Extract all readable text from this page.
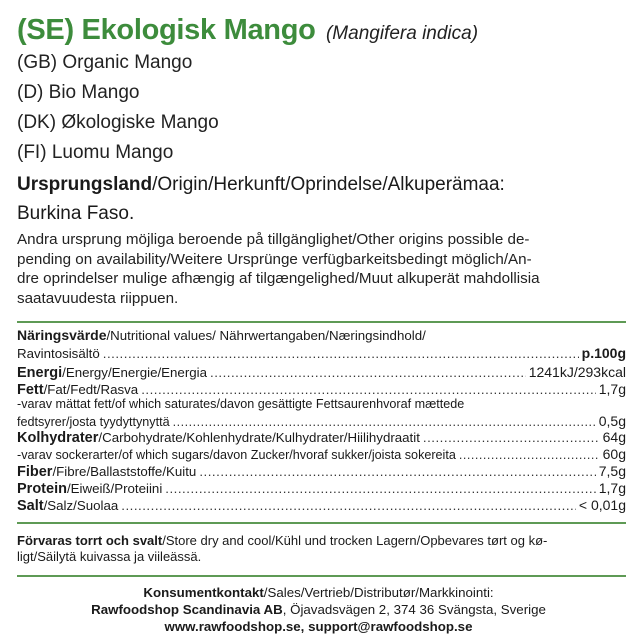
(SE) Ekologisk Mango (Mangifera indica)
(GB) Organic Mango
(D) Bio Mango
(DK) Økologiske Mango
(FI) Luomu Mango
Ursprungsland/Origin/Herkunft/Oprindelse/Alkuperämaa:
Burkina Faso.
Andra ursprung möjliga beroende på tillgänglighet/Other origins possible de-
pending on availability/Weitere Ursprünge verfügbarkeitsbedingt möglich/An-
dre oprindelser mulige afhængig af tilgængelighed/Muut alkuperät mahdollisia
saatavuudesta riippuen.
Näringsvärde/Nutritional values/ Nährwertangaben/Næringsindhold/
Ravintosisältö .....	p.100g
Energi/Energy/Energie/Energia .....	1241kJ/293kcal
Fett/Fat/Fedt/Rasva .....	1,7g
-varav mättat fett/of which saturates/davon gesättigte Fettsaurenhvoraf mættede
fedtsyrer/josta tyydyttynyttä .....	0,5g
Kolhydrater/Carbohydrate/Kohlenhydrate/Kulhydrater/Hiilihydraatit .....	64g
-varav sockerarter/of which sugars/davon Zucker/hvoraf sukker/joista sokereita .....	60g
Fiber/Fibre/Ballaststoffe/Kuitu .....	7,5g
Protein/Eiweiß/Proteiini .....	1,7g
Salt/Salz/Suolaa .....	< 0,01g
Förvaras torrt och svalt/Store dry and cool/Kühl und trocken Lagern/Opbevares tørt og kø-
ligt/Säilytä kuivassa ja viileässä.
Konsumentkontakt/Sales/Vertrieb/Distributør/Markkinointi:
Rawfoodshop Scandinavia AB, Öjavadsvägen 2, 374 36 Svängsta, Sverige
www.rawfoodshop.se, support@rawfoodshop.se
